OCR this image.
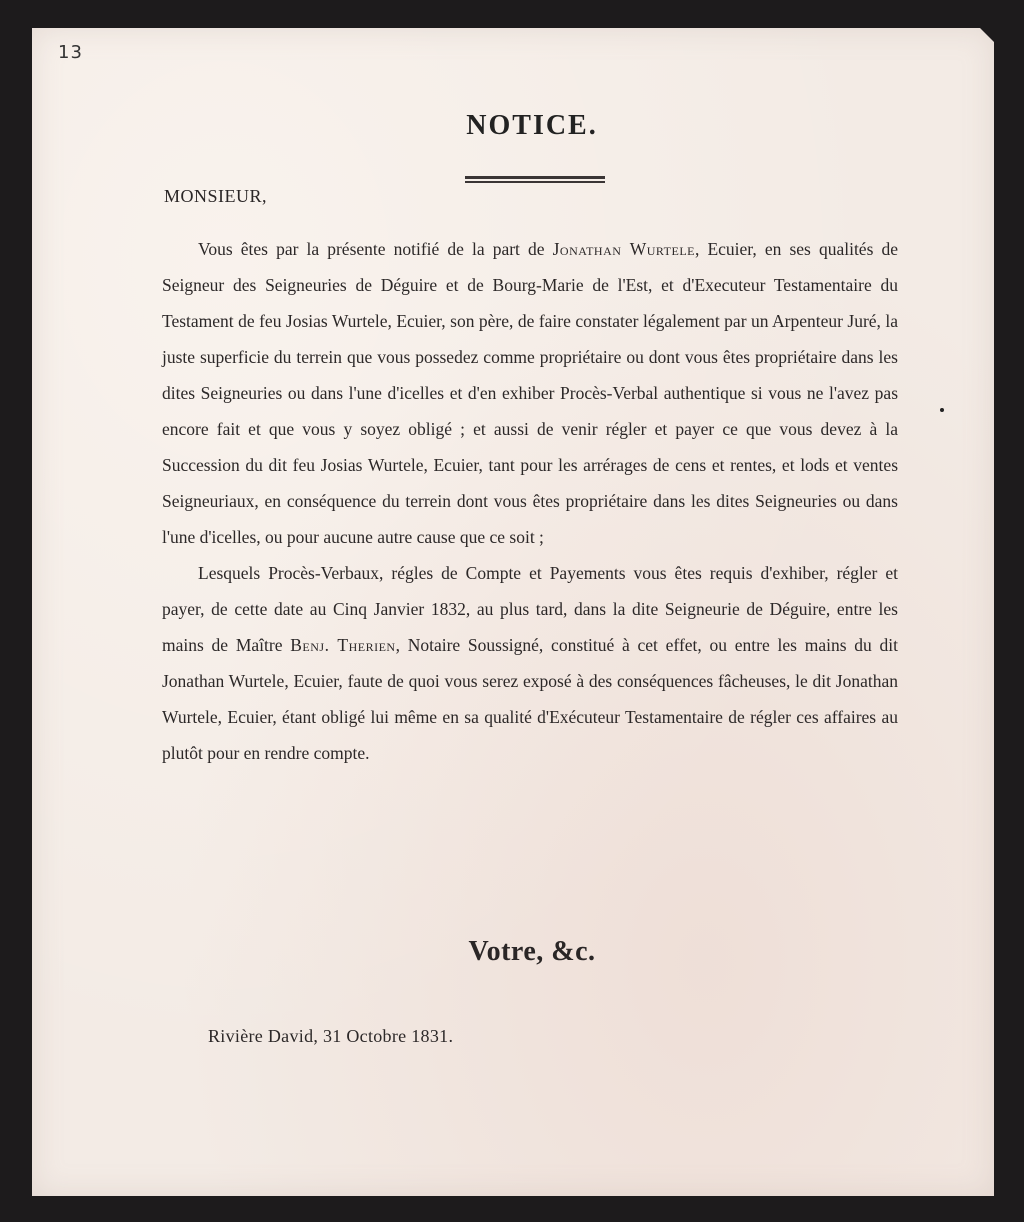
13
NOTICE.
MONSIEUR,

Vous êtes par la présente notifié de la part de Jonathan Wurtele, Ecuier, en ses qualités de Seigneur des Seigneuries de Déguire et de Bourg-Marie de l'Est, et d'Executeur Testamentaire du Testament de feu Josias Wurtele, Ecuier, son père, de faire constater légalement par un Arpenteur Juré, la juste superficie du terrein que vous possedez comme propriétaire ou dont vous êtes propriétaire dans les dites Seigneuries ou dans l'une d'icelles et d'en exhiber Procès-Verbal authentique si vous ne l'avez pas encore fait et que vous y soyez obligé ; et aussi de venir régler et payer ce que vous devez à la Succession du dit feu Josias Wurtele, Ecuier, tant pour les arrérages de cens et rentes, et lods et ventes Seigneuriaux, en conséquence du terrein dont vous êtes propriétaire dans les dites Seigneuries ou dans l'une d'icelles, ou pour aucune autre cause que ce soit ;

Lesquels Procès-Verbaux, régles de Compte et Payements vous êtes requis d'exhiber, régler et payer, de cette date au Cinq Janvier 1832, au plus tard, dans la dite Seigneurie de Déguire, entre les mains de Maître Benj. Therien, Notaire Soussigné, constitué à cet effet, ou entre les mains du dit Jonathan Wurtele, Ecuier, faute de quoi vous serez exposé à des conséquences fâcheuses, le dit Jonathan Wurtele, Ecuier, étant obligé lui même en sa qualité d'Exécuteur Testamentaire de régler ces affaires au plutôt pour en rendre compte.

Votre, &c.
Rivière David, 31 Octobre 1831.
